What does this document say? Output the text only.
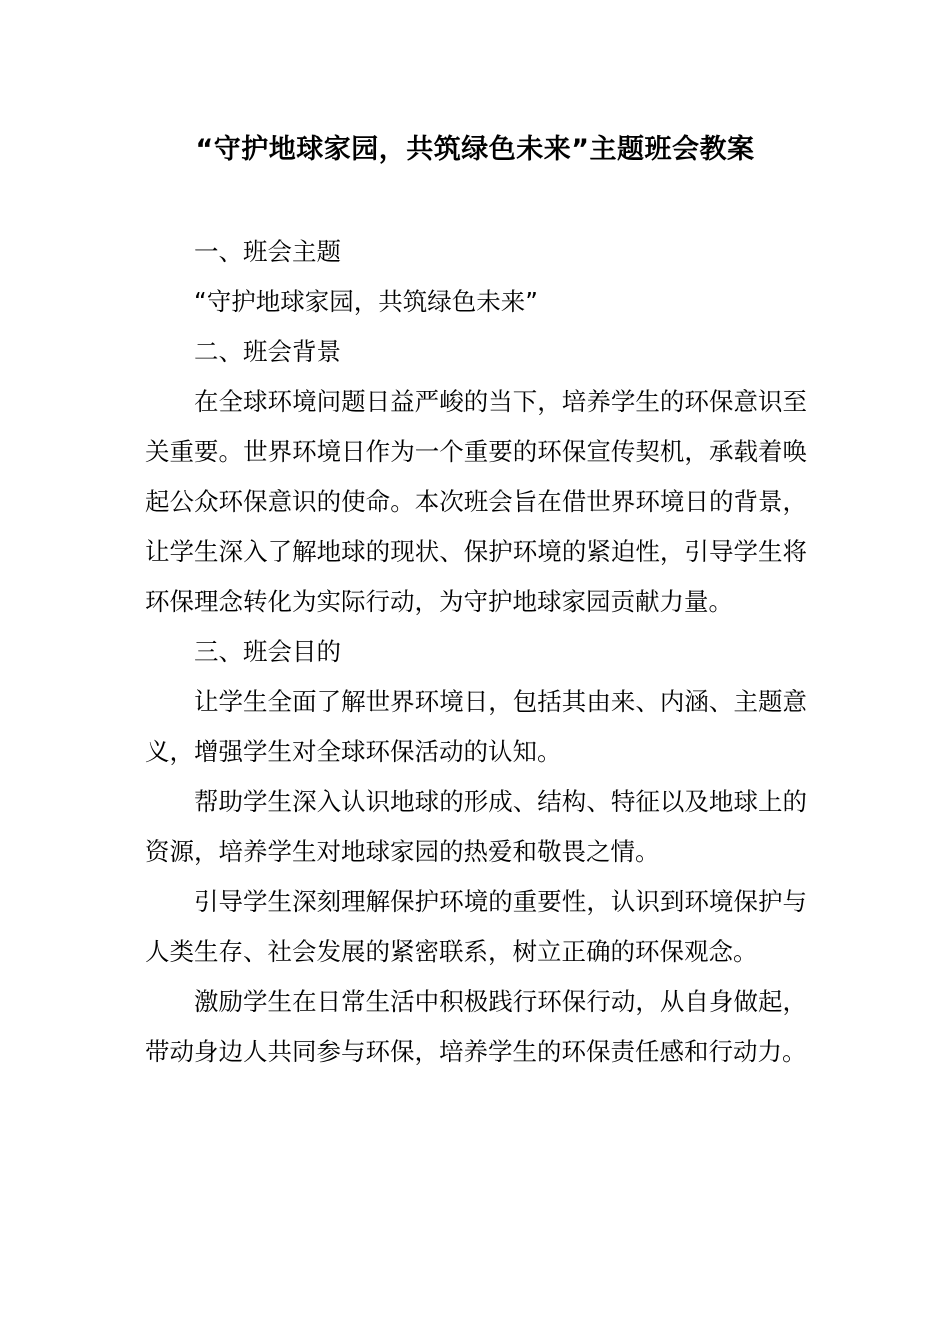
“守护地球家园，共筑绿色未来”主题班会教案

一、班会主题

“守护地球家园，共筑绿色未来”

二、班会背景

在全球环境问题日益严峻的当下，培养学生的环保意识至关重要。世界环境日作为一个重要的环保宣传契机，承载着唤起公众环保意识的使命。本次班会旨在借世界环境日的背景，让学生深入了解地球的现状、保护环境的紧迫性，引导学生将环保理念转化为实际行动，为守护地球家园贡献力量。

三、班会目的

让学生全面了解世界环境日，包括其由来、内涵、主题意义，增强学生对全球环保活动的认知。

帮助学生深入认识地球的形成、结构、特征以及地球上的资源，培养学生对地球家园的热爱和敬畏之情。

引导学生深刻理解保护环境的重要性，认识到环境保护与人类生存、社会发展的紧密联系，树立正确的环保观念。

激励学生在日常生活中积极践行环保行动，从自身做起，带动身边人共同参与环保，培养学生的环保责任感和行动力。
